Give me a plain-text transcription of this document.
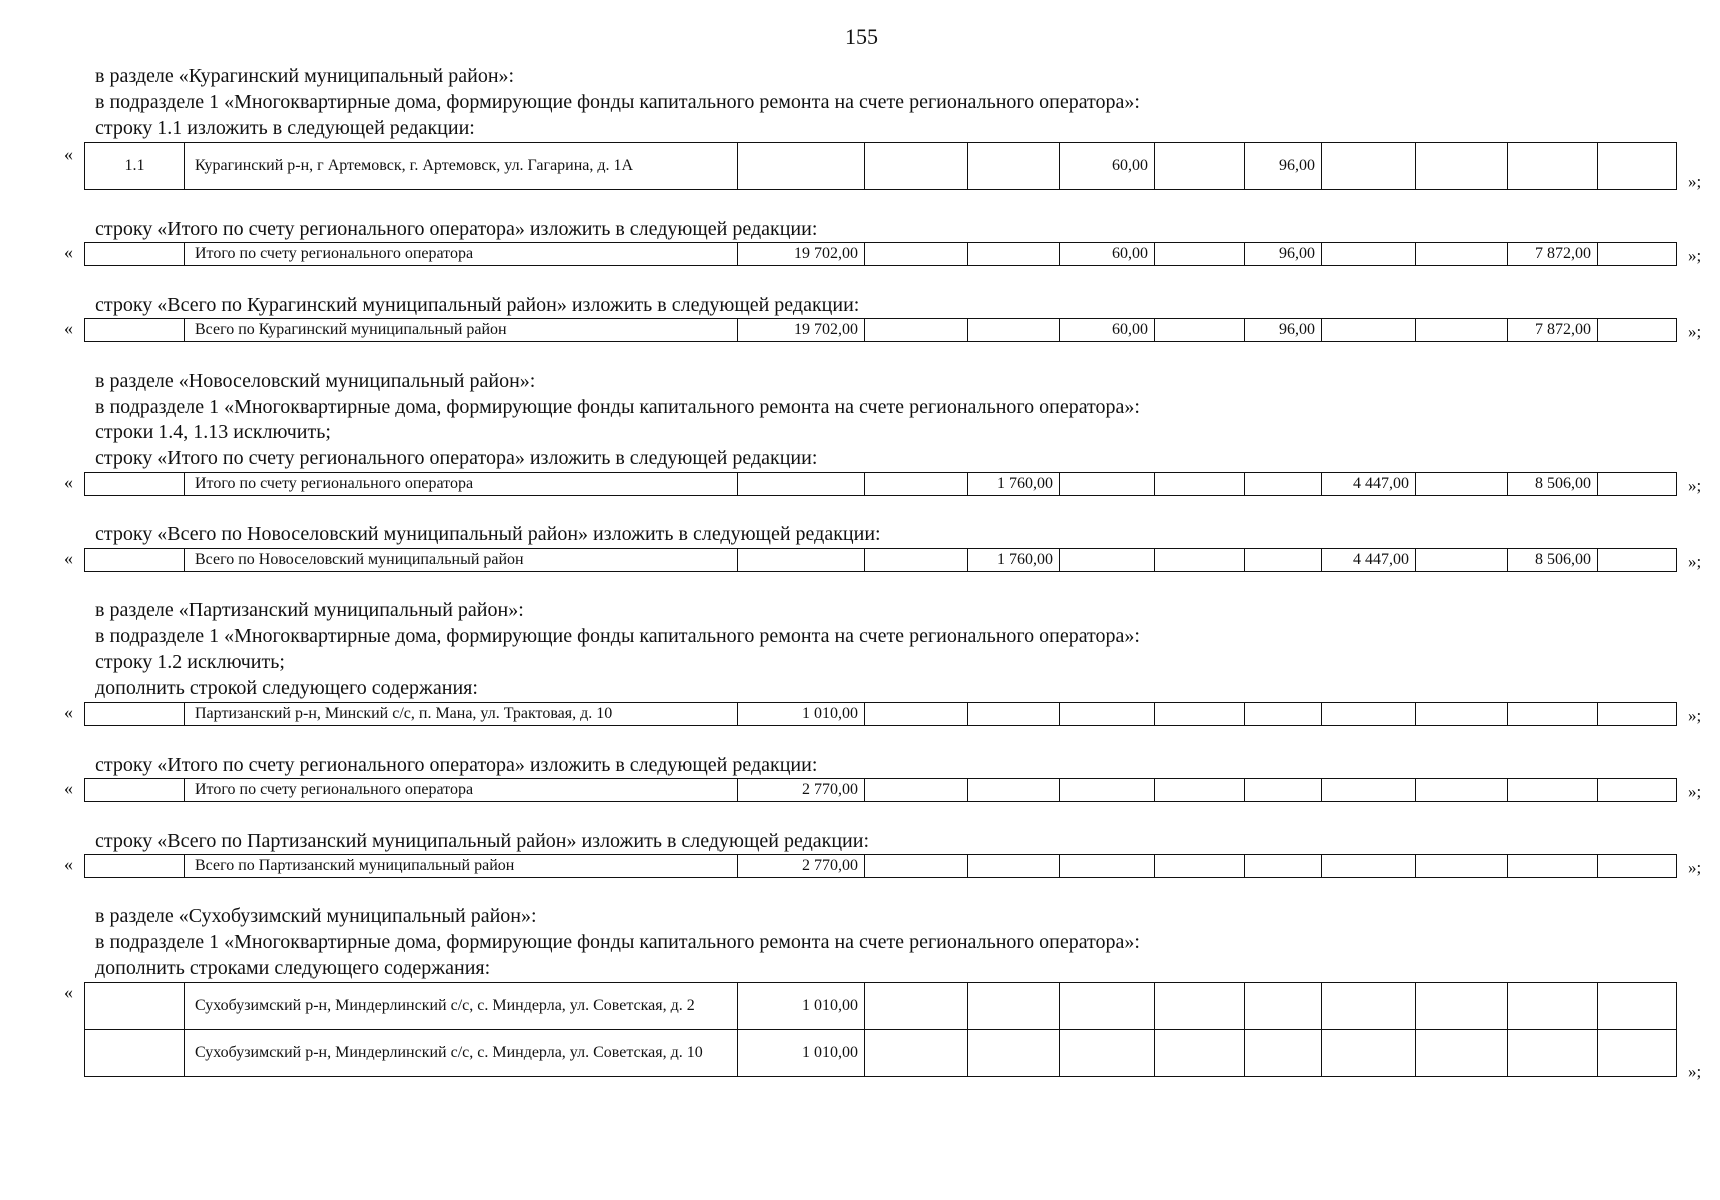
155
в разделе «Курагинский муниципальный район»:
в подразделе 1 «Многоквартирные дома, формирующие фонды капитального ремонта на счете регионального оператора»:
строку 1.1 изложить в следующей редакции:
«
1.1	Курагинский р-н, г Артемовск, г. Артемовск, ул. Гагарина, д. 1А				60,00		96,00				
»;
строку «Итого по счету регионального оператора» изложить в следующей редакции:
«
		Итого по счету регионального оператора	19 702,00			60,00		96,00			7 872,00		»;
строку «Всего по Курагинский муниципальный район» изложить в следующей редакции:
«
		Всего по Курагинский муниципальный район	19 702,00			60,00		96,00			7 872,00		»;
в разделе «Новоселовский муниципальный район»:
в подразделе 1 «Многоквартирные дома, формирующие фонды капитального ремонта на счете регионального оператора»:
строки 1.4, 1.13 исключить;
строку «Итого по счету регионального оператора» изложить в следующей редакции:
«
		Итого по счету регионального оператора			1 760,00				4 447,00		8 506,00		»;
строку «Всего по Новоселовский муниципальный район» изложить в следующей редакции:
«
		Всего по Новоселовский муниципальный район			1 760,00				4 447,00		8 506,00		»;
в разделе «Партизанский муниципальный район»:
в подразделе 1 «Многоквартирные дома, формирующие фонды капитального ремонта на счете регионального оператора»:
строку 1.2 исключить;
дополнить строкой следующего содержания:
«
		Партизанский р-н, Минский с/с, п. Мана, ул. Трактовая, д. 10	1 010,00										»;
строку «Итого по счету регионального оператора» изложить в следующей редакции:
«
		Итого по счету регионального оператора	2 770,00										»;
строку «Всего по Партизанский муниципальный район» изложить в следующей редакции:
«
		Всего по Партизанский муниципальный район	2 770,00										»;
в разделе «Сухобузимский муниципальный район»:
в подразделе 1 «Многоквартирные дома, формирующие фонды капитального ремонта на счете регионального оператора»:
дополнить строками следующего содержания:
«
	Сухобузимский р-н, Миндерлинский с/с, с. Миндерла, ул. Советская, д. 2	1 010,00									
	Сухобузимский р-н, Миндерлинский с/с, с. Миндерла, ул. Советская, д. 10	1 010,00									
»;
